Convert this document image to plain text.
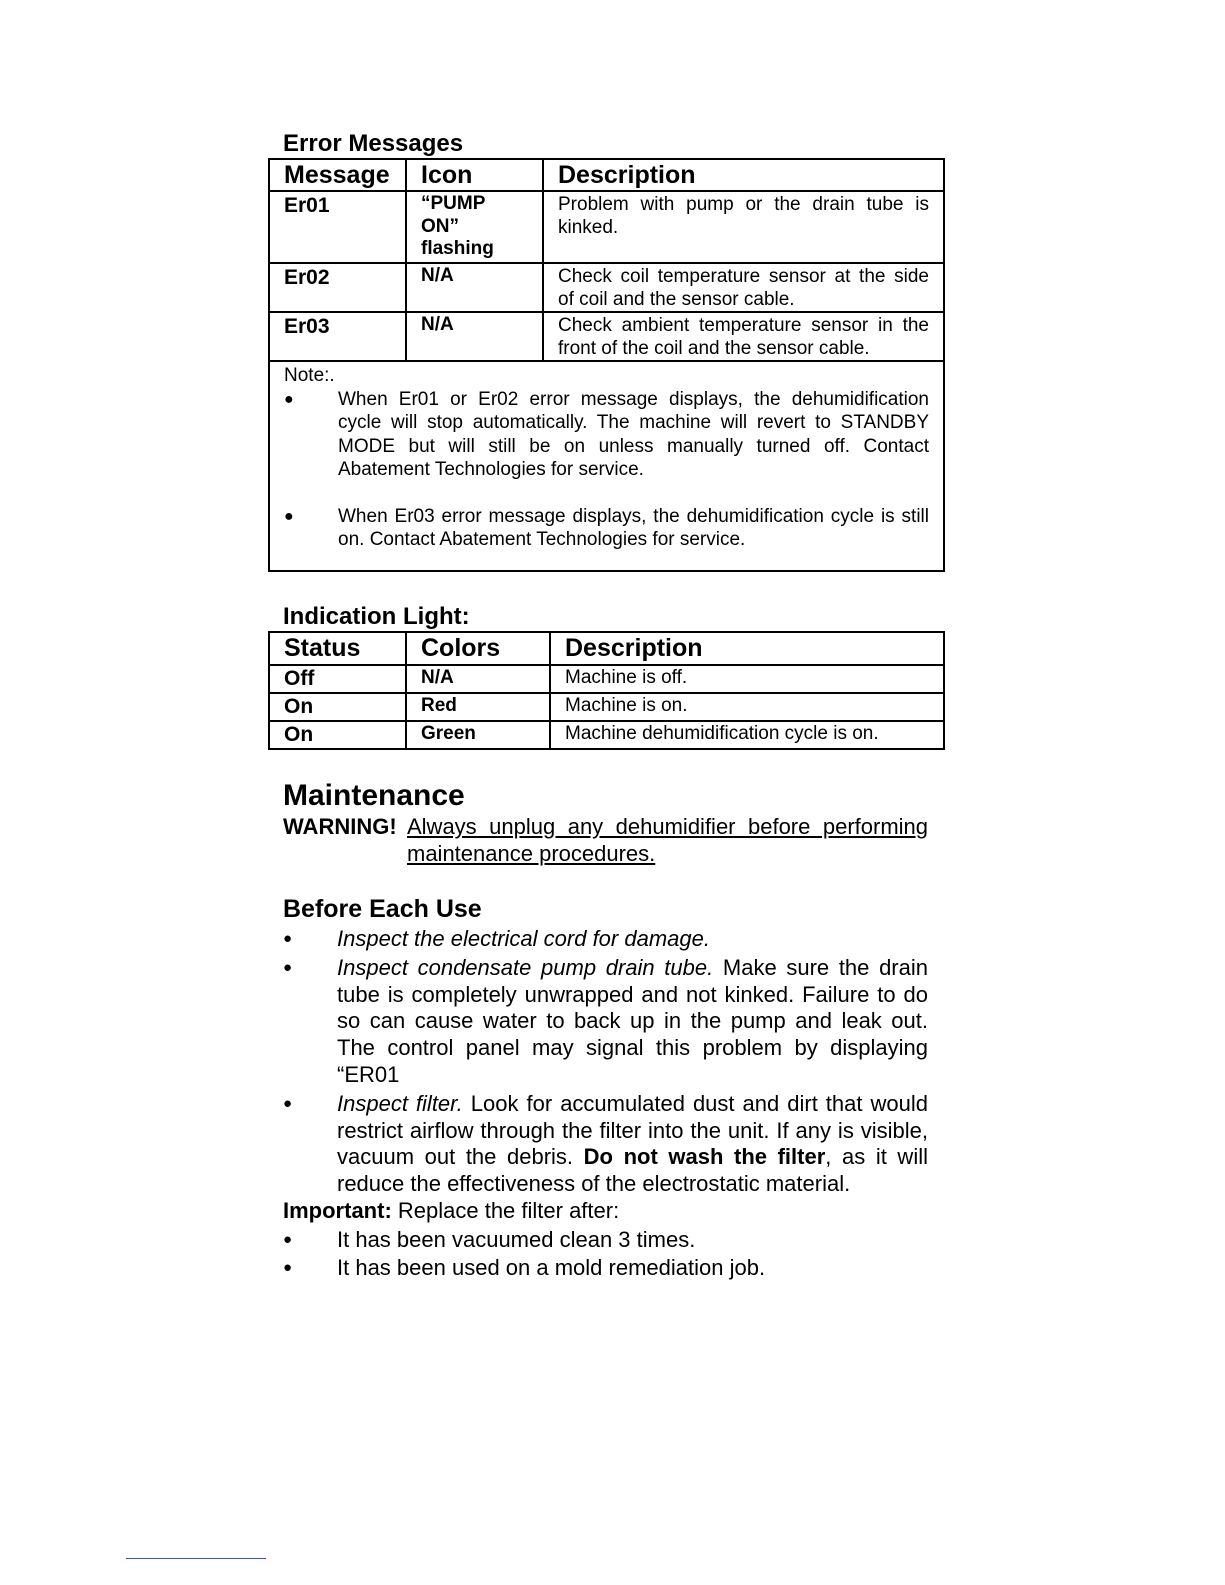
Error Messages
Message	Icon	Description
Er01	“PUMP ON” flashing	Problem with pump or the drain tube is kinked.
Er02	N/A	Check coil temperature sensor at the side of coil and the sensor cable.
Er03	N/A	Check ambient temperature sensor in the front of the coil and the sensor cable.

Note:.
● When Er01 or Er02 error message displays, the dehumidification cycle will stop automatically. The machine will revert to STANDBY MODE but will still be on unless manually turned off. Contact Abatement Technologies for service.
● When Er03 error message displays, the dehumidification cycle is still on. Contact Abatement Technologies for service.		
Indication Light:
Status	Colors	Description
Off	N/A	Machine is off.
On	Red	Machine is on.
On	Green	Machine dehumidification cycle is on.
Maintenance
WARNING! Always unplug any dehumidifier before performing maintenance procedures.
Before Each Use
●	Inspect the electrical cord for damage.
●	Inspect condensate pump drain tube. Make sure the drain tube is completely unwrapped and not kinked. Failure to do so can cause water to back up in the pump and leak out. The control panel may signal this problem by displaying “ER01
●	Inspect filter. Look for accumulated dust and dirt that would restrict airflow through the filter into the unit. If any is visible, vacuum out the debris. Do not wash the filter, as it will reduce the effectiveness of the electrostatic material.
Important: Replace the filter after:
●	It has been vacuumed clean 3 times.
●	It has been used on a mold remediation job.
